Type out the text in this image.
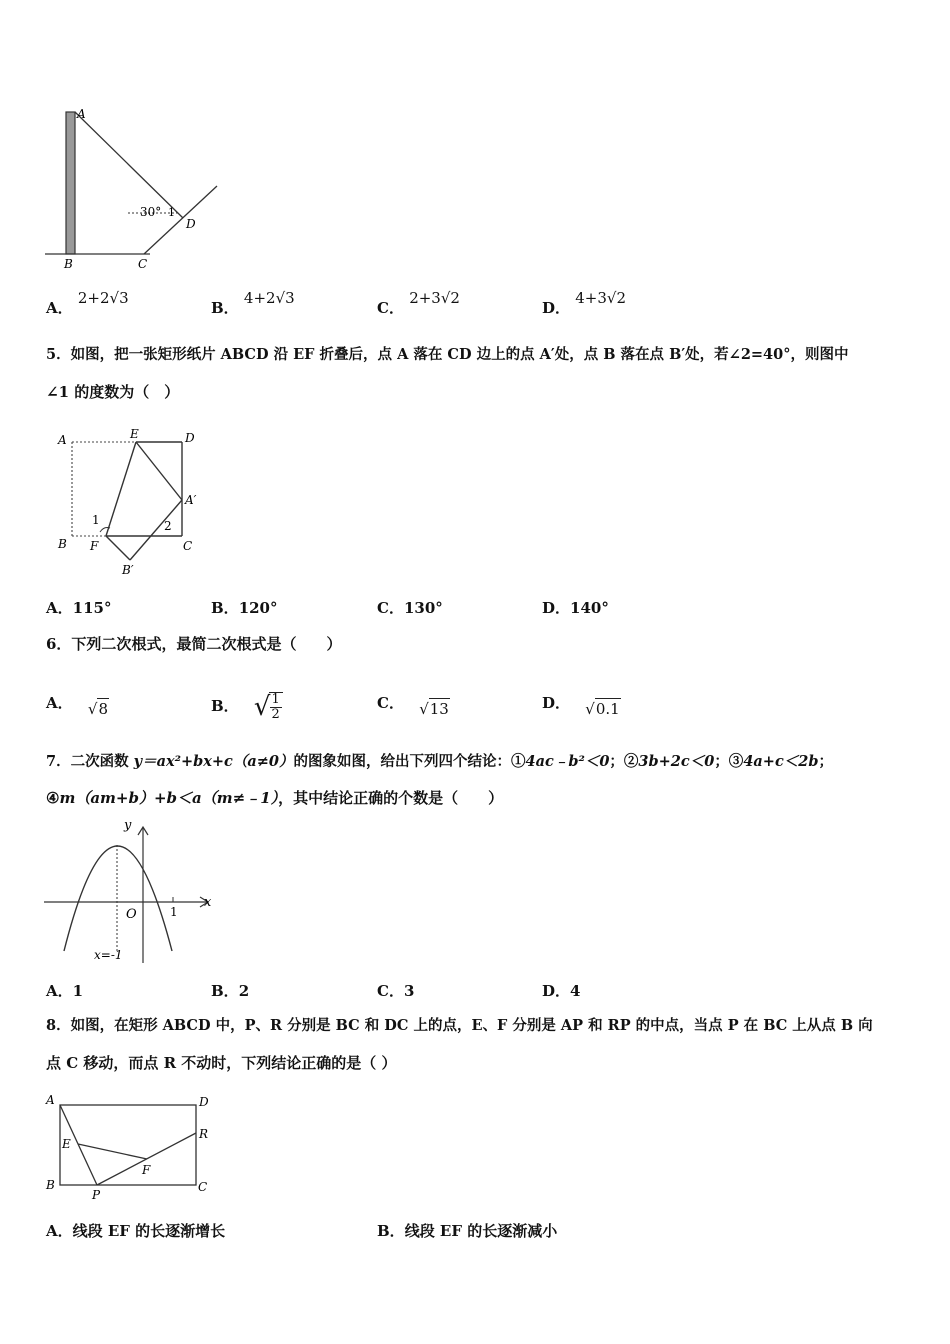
A
B	C
D
30° 1
A． 2+2√3
B． 4+2√3
C． 2+3√2
D． 4+3√2
5．如图，把一张矩形纸片 ABCD 沿 EF 折叠后，点 A 落在 CD 边上的点 A′处，点 B 落在点 B′处，若∠2=40°，则图中
∠1 的度数为（　）
A	E	D
A′
1	2
B F	C
B′
A．115°	B．120°	C．130°	D．140°
6．下列二次根式，最简二次根式是（　　）
A． √8	B． √
$\frac{1}{2}$	C． √13	D． √0.1
7．二次函数 y＝ax²+bx+c（a≠0）的图象如图，给出下列四个结论：①4ac﹣b²＜0；②3b+2c＜0；③4a+c＜2b；
④m（am+b）+b＜a（m≠﹣1），其中结论正确的个数是（　　）
y
x
O	1
x=-1
A．1	B．2	C．3	D．4
8．如图，在矩形 ABCD 中，P、R 分别是 BC 和 DC 上的点，E、F 分别是 AP 和 RP 的中点，当点 P 在 BC 上从点 B 向
点 C 移动，而点 R 不动时，下列结论正确的是（ ）
A	D
E
R
F
B
P
C
A．线段 EF 的长逐渐增长	B．线段 EF 的长逐渐减小
